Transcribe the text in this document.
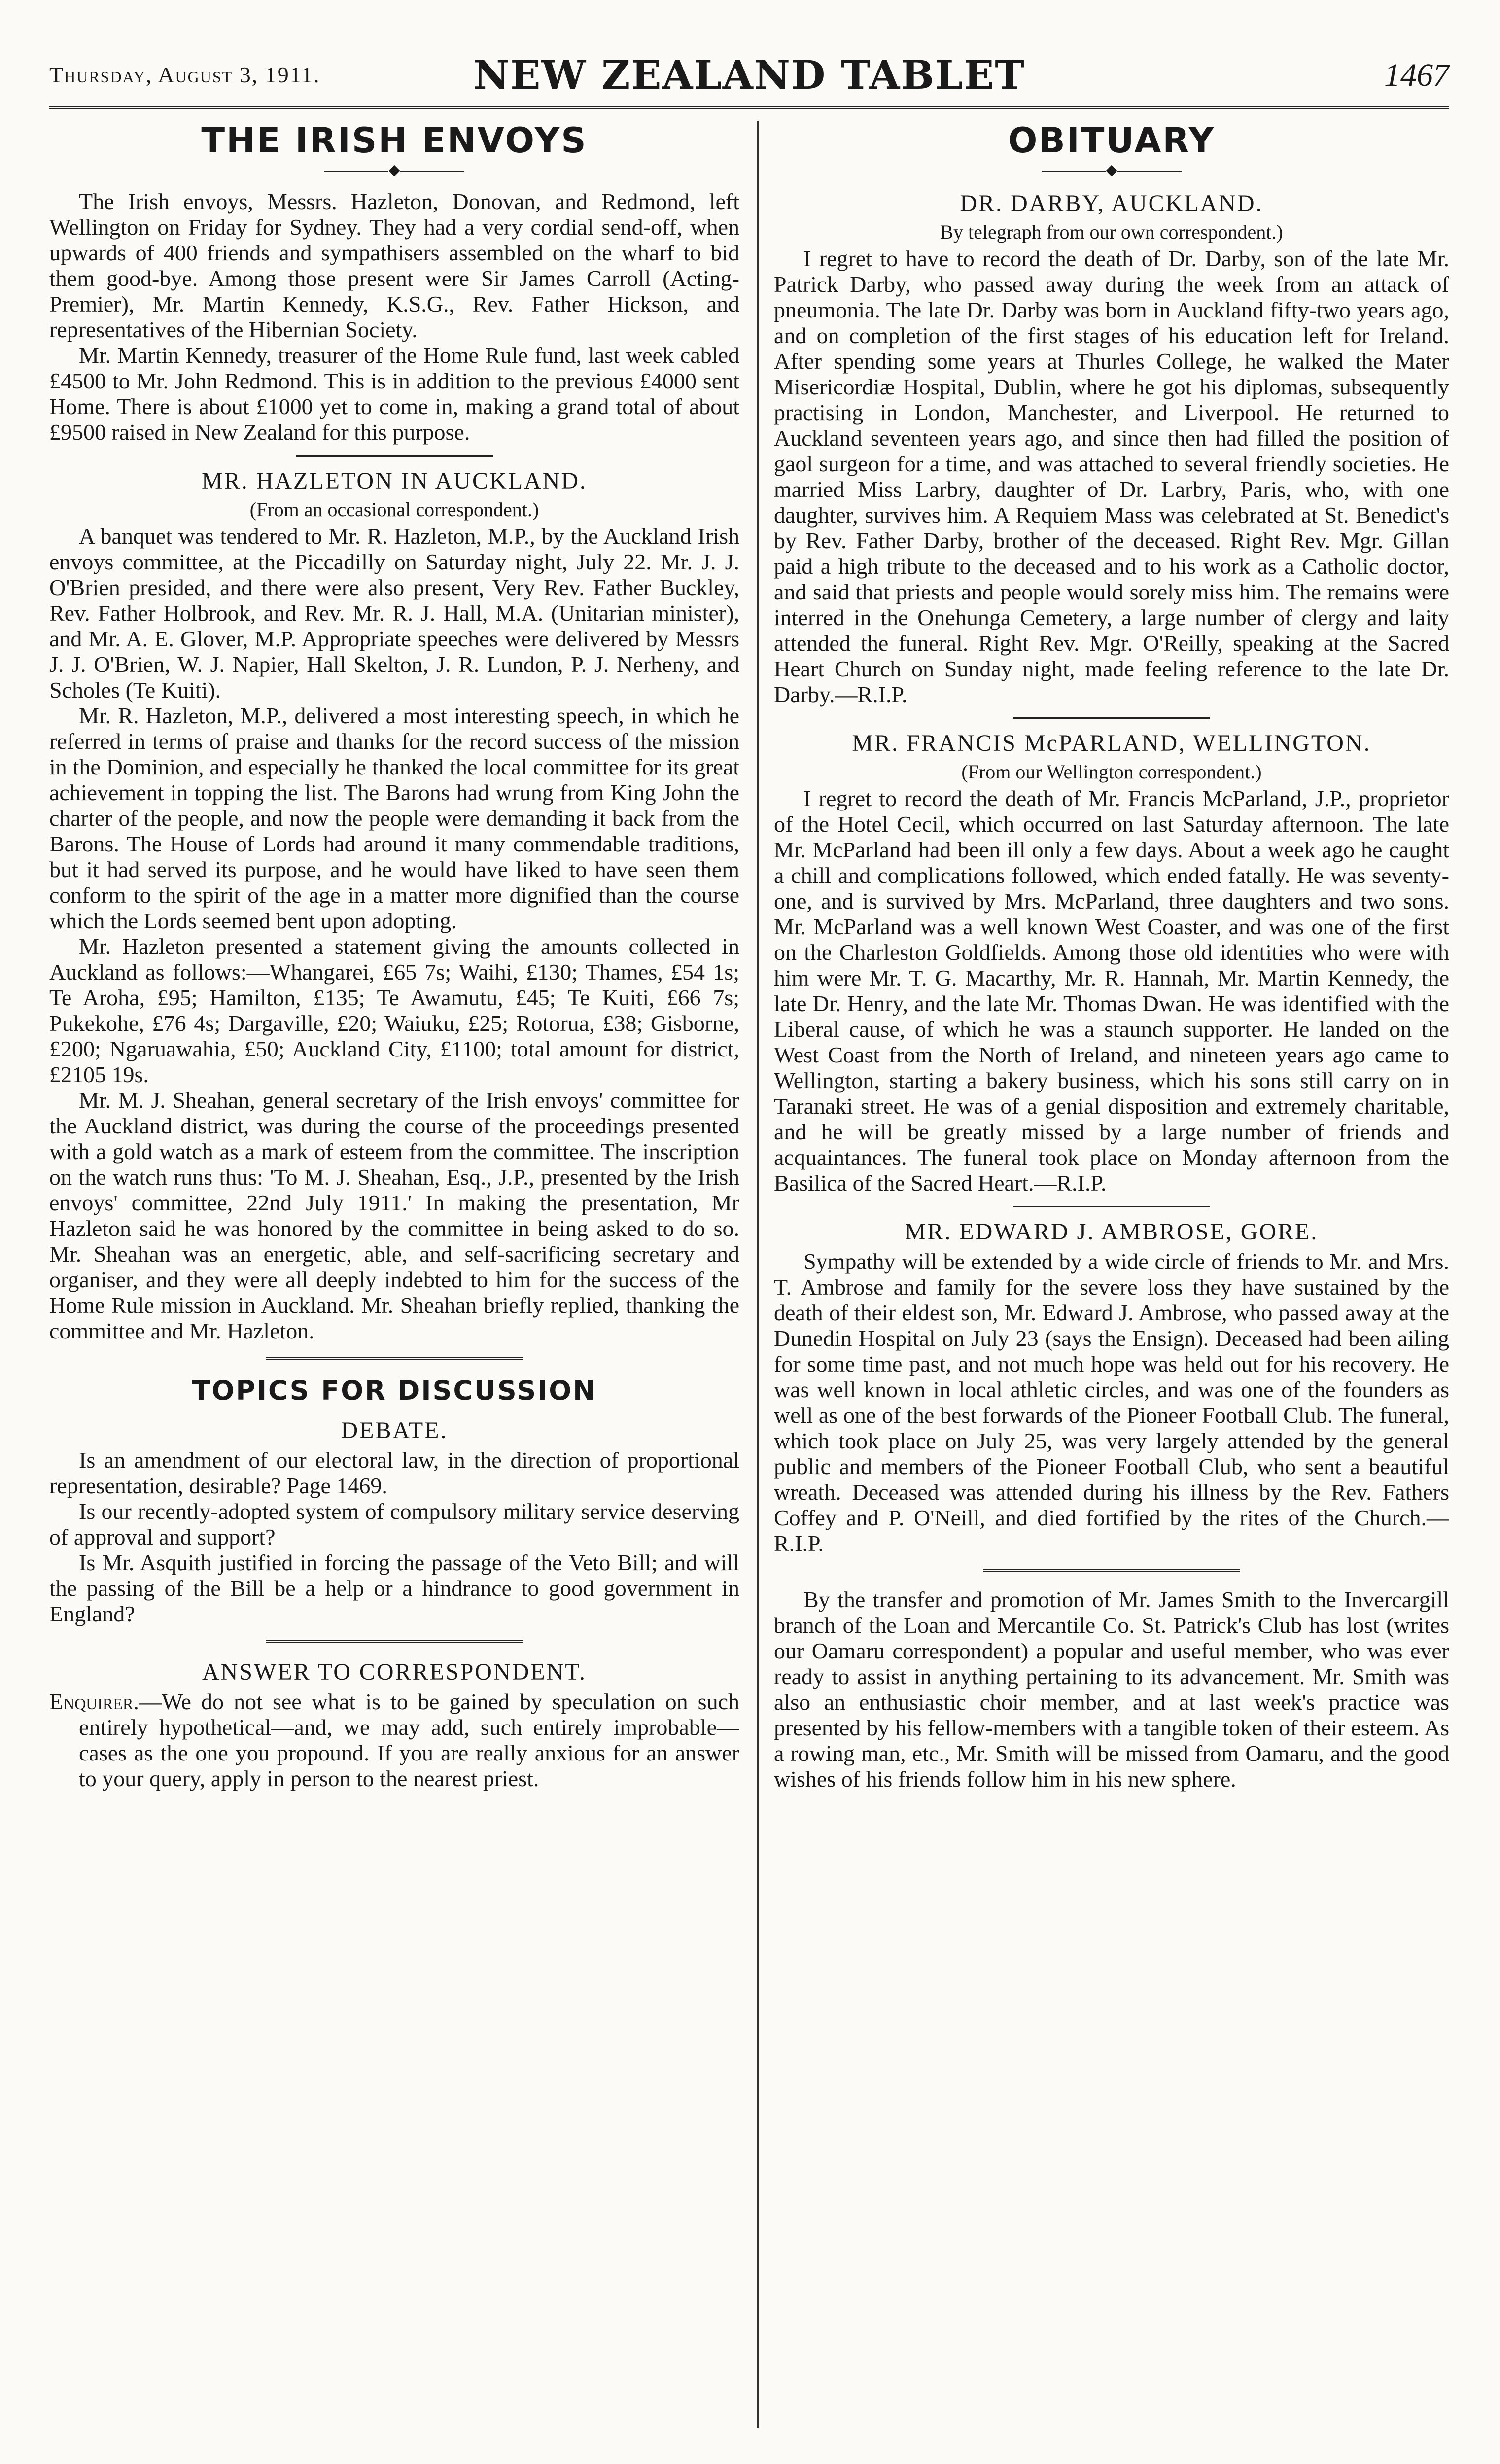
Thursday, August 3, 1911.	NEW ZEALAND TABLET	1467
THE IRISH ENVOYS
◆

The Irish envoys, Messrs. Hazleton, Donovan, and Redmond, left Wellington on Friday for Sydney. They had a very cordial send-off, when upwards of 400 friends and sympathisers assembled on the wharf to bid them good-bye. Among those present were Sir James Carroll (Acting-Premier), Mr. Martin Kennedy, K.S.G., Rev. Father Hickson, and representatives of the Hibernian Society.

Mr. Martin Kennedy, treasurer of the Home Rule fund, last week cabled £4500 to Mr. John Redmond. This is in addition to the previous £4000 sent Home. There is about £1000 yet to come in, making a grand total of about £9500 raised in New Zealand for this purpose.

MR. HAZLETON IN AUCKLAND.
(From an occasional correspondent.)

A banquet was tendered to Mr. R. Hazleton, M.P., by the Auckland Irish envoys committee, at the Piccadilly on Saturday night, July 22. Mr. J. J. O'Brien presided, and there were also present, Very Rev. Father Buckley, Rev. Father Holbrook, and Rev. Mr. R. J. Hall, M.A. (Unitarian minister), and Mr. A. E. Glover, M.P. Appropriate speeches were delivered by Messrs J. J. O'Brien, W. J. Napier, Hall Skelton, J. R. Lundon, P. J. Nerheny, and Scholes (Te Kuiti).

Mr. R. Hazleton, M.P., delivered a most interesting speech, in which he referred in terms of praise and thanks for the record success of the mission in the Dominion, and especially he thanked the local committee for its great achievement in topping the list. The Barons had wrung from King John the charter of the people, and now the people were demanding it back from the Barons. The House of Lords had around it many commendable traditions, but it had served its purpose, and he would have liked to have seen them conform to the spirit of the age in a matter more dignified than the course which the Lords seemed bent upon adopting.

Mr. Hazleton presented a statement giving the amounts collected in Auckland as follows:—Whangarei, £65 7s; Waihi, £130; Thames, £54 1s; Te Aroha, £95; Hamilton, £135; Te Awamutu, £45; Te Kuiti, £66 7s; Pukekohe, £76 4s; Dargaville, £20; Waiuku, £25; Rotorua, £38; Gisborne, £200; Ngaruawahia, £50; Auckland City, £1100; total amount for district, £2105 19s.

Mr. M. J. Sheahan, general secretary of the Irish envoys' committee for the Auckland district, was during the course of the proceedings presented with a gold watch as a mark of esteem from the committee. The inscription on the watch runs thus: 'To M. J. Sheahan, Esq., J.P., presented by the Irish envoys' committee, 22nd July 1911.' In making the presentation, Mr Hazleton said he was honored by the committee in being asked to do so. Mr. Sheahan was an energetic, able, and self-sacrificing secretary and organiser, and they were all deeply indebted to him for the success of the Home Rule mission in Auckland. Mr. Sheahan briefly replied, thanking the committee and Mr. Hazleton.

TOPICS FOR DISCUSSION
DEBATE.

Is an amendment of our electoral law, in the direction of proportional representation, desirable? Page 1469.

Is our recently-adopted system of compulsory military service deserving of approval and support?

Is Mr. Asquith justified in forcing the passage of the Veto Bill; and will the passing of the Bill be a help or a hindrance to good government in England?

ANSWER TO CORRESPONDENT.

Enquirer.—We do not see what is to be gained by speculation on such entirely hypothetical—and, we may add, such entirely improbable—cases as the one you propound. If you are really anxious for an answer to your query, apply in person to the nearest priest.

OBITUARY
◆
DR. DARBY, AUCKLAND.
By telegraph from our own correspondent.)

I regret to have to record the death of Dr. Darby, son of the late Mr. Patrick Darby, who passed away during the week from an attack of pneumonia. The late Dr. Darby was born in Auckland fifty-two years ago, and on completion of the first stages of his education left for Ireland. After spending some years at Thurles College, he walked the Mater Misericordiæ Hospital, Dublin, where he got his diplomas, subsequently practising in London, Manchester, and Liverpool. He returned to Auckland seventeen years ago, and since then had filled the position of gaol surgeon for a time, and was attached to several friendly societies. He married Miss Larbry, daughter of Dr. Larbry, Paris, who, with one daughter, survives him. A Requiem Mass was celebrated at St. Benedict's by Rev. Father Darby, brother of the deceased. Right Rev. Mgr. Gillan paid a high tribute to the deceased and to his work as a Catholic doctor, and said that priests and people would sorely miss him. The remains were interred in the Onehunga Cemetery, a large number of clergy and laity attended the funeral. Right Rev. Mgr. O'Reilly, speaking at the Sacred Heart Church on Sunday night, made feeling reference to the late Dr. Darby.—R.I.P.

MR. FRANCIS McPARLAND, WELLINGTON.
(From our Wellington correspondent.)

I regret to record the death of Mr. Francis McParland, J.P., proprietor of the Hotel Cecil, which occurred on last Saturday afternoon. The late Mr. McParland had been ill only a few days. About a week ago he caught a chill and complications followed, which ended fatally. He was seventy-one, and is survived by Mrs. McParland, three daughters and two sons. Mr. McParland was a well known West Coaster, and was one of the first on the Charleston Goldfields. Among those old identities who were with him were Mr. T. G. Macarthy, Mr. R. Hannah, Mr. Martin Kennedy, the late Dr. Henry, and the late Mr. Thomas Dwan. He was identified with the Liberal cause, of which he was a staunch supporter. He landed on the West Coast from the North of Ireland, and nineteen years ago came to Wellington, starting a bakery business, which his sons still carry on in Taranaki street. He was of a genial disposition and extremely charitable, and he will be greatly missed by a large number of friends and acquaintances. The funeral took place on Monday afternoon from the Basilica of the Sacred Heart.—R.I.P.

MR. EDWARD J. AMBROSE, GORE.

Sympathy will be extended by a wide circle of friends to Mr. and Mrs. T. Ambrose and family for the severe loss they have sustained by the death of their eldest son, Mr. Edward J. Ambrose, who passed away at the Dunedin Hospital on July 23 (says the Ensign). Deceased had been ailing for some time past, and not much hope was held out for his recovery. He was well known in local athletic circles, and was one of the founders as well as one of the best forwards of the Pioneer Football Club. The funeral, which took place on July 25, was very largely attended by the general public and members of the Pioneer Football Club, who sent a beautiful wreath. Deceased was attended during his illness by the Rev. Fathers Coffey and P. O'Neill, and died fortified by the rites of the Church.—R.I.P.

By the transfer and promotion of Mr. James Smith to the Invercargill branch of the Loan and Mercantile Co. St. Patrick's Club has lost (writes our Oamaru correspondent) a popular and useful member, who was ever ready to assist in anything pertaining to its advancement. Mr. Smith was also an enthusiastic choir member, and at last week's practice was presented by his fellow-members with a tangible token of their esteem. As a rowing man, etc., Mr. Smith will be missed from Oamaru, and the good wishes of his friends follow him in his new sphere.
